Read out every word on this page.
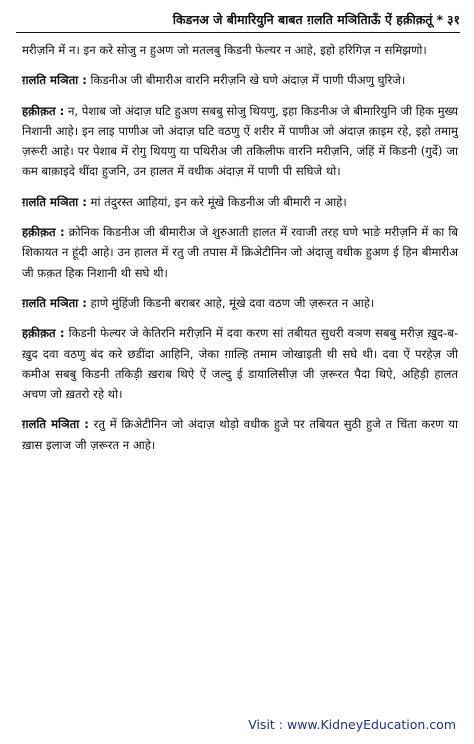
किडनअ जे बीमारियुनि बाबत ग़लति मञितिाऊँ ऐं हक़ीक़तूं * ३१

मरीज़नि में न। इन करे सोजु न हुअण जो मतलबु किडनी फेल्यर न आहे, इहो हरिगिज़ न समिझणो।

ग़लति मञिता : किडनीअ जी बीमारीअ वारनि मरीज़नि खे घणे अंदाज़ में पाणी पीअणु घुरिजे।

हक़ीक़त : न, पेशाब जो अंदाज़ घटि हुअण सबबु सोजु थियणु, इहा किडनीअ जे बीमारियुनि जी हिक मुख्य निशानी आहे। इन लाइ पाणीअ जो अंदाज़ घटि वठणु ऐं शरीर में पाणीअ जो अंदाज़ क़ाइम रहे, इहो तमामु ज़रूरी आहे। पर पेशाब में रोगु थियणु या पथिरीअ जी तकिलीफ वारनि मरीज़नि, जंहिं में किडनी (गुर्दे) जा कम बाक़ाइदे थींदा हुजनि, उन हालत में वधीक अंदाज़ में पाणी पी सघिजे थो।

ग़लति मञिता : मां तंदुरस्त आहियां, इन करे मूंखे किडनीअ जी बीमारी न आहे।

हक़ीक़त : क्रोनिक किडनीअ जी बीमारीअ जे शुरुआती हालत में रवाजी तरह घणे भाङे मरीज़नि में का बि शिकायत न हूंदी आहे। उन हालत में रतु जी तपास में क्रिअेटीनिन जो अंदाज़ु वधीक हुअण ई हिन बीमारीअ जी फ़क़त हिक निशानी थी सघे थी।

ग़लति मञिता : हाणे मुंहिंजी किडनी बराबर आहे, मूंखे दवा वठण जी ज़रूरत न आहे।

हक़ीक़त : किडनी फेल्यर जे केतिरनि मरीज़नि में दवा करण सां तबीयत सुधरी वञण सबबु मरीज़ ख़ुद-ब-ख़ुद दवा वठणु बंद करे छडींदा आहिनि, जेका ग़ाल्हि तमाम जोखाइती थी सघे थी। दवा ऐं परहेज़ जी कमीअ सबबु किडनी तकिड़ी ख़राब थिऐ ऐं जल्दु ई डायालिसीज़ जी ज़रूरत पैदा थिऐ, अहिड़ी हालत अचण जो ख़तरो रहे थो।

ग़लति मञिता : रतु में क्रिअेटीनिन जो अंदाज़ थोड़ो वधीक हुजे पर तबियत सुठी हुजे त चिंता करण या ख़ास इलाज जी ज़रूरत न आहे।

Visit : www.KidneyEducation.com
